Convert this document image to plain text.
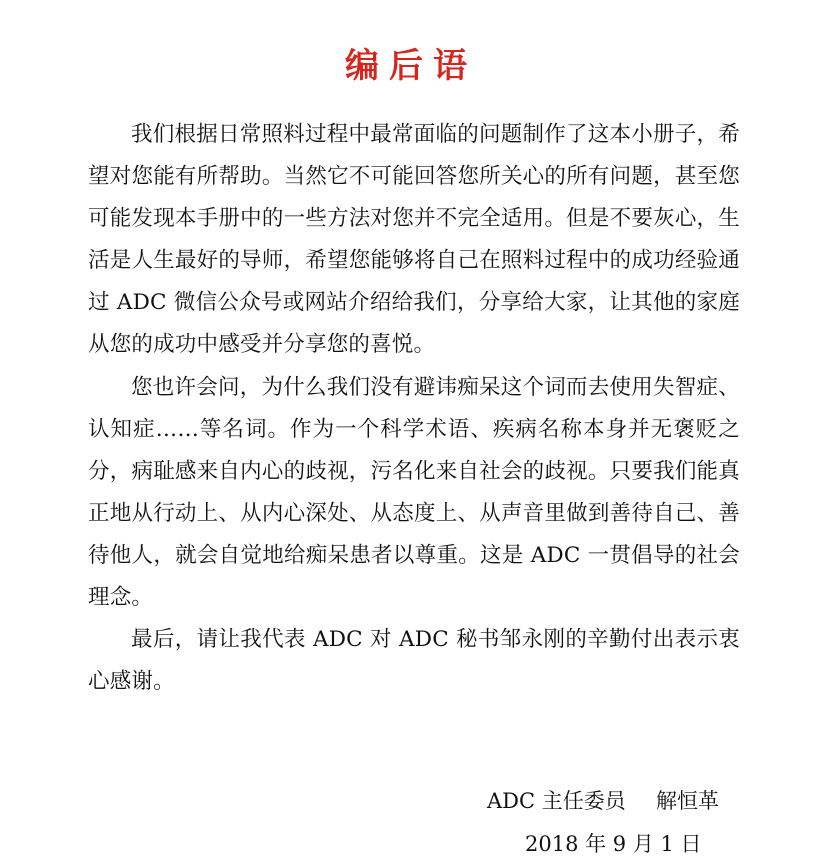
编后语

我们根据日常照料过程中最常面临的问题制作了这本小册子，希望对您能有所帮助。当然它不可能回答您所关心的所有问题，甚至您可能发现本手册中的一些方法对您并不完全适用。但是不要灰心，生活是人生最好的导师，希望您能够将自己在照料过程中的成功经验通过 ADC 微信公众号或网站介绍给我们，分享给大家，让其他的家庭从您的成功中感受并分享您的喜悦。

您也许会问，为什么我们没有避讳痴呆这个词而去使用失智症、认知症……等名词。作为一个科学术语、疾病名称本身并无褒贬之分，病耻感来自内心的歧视，污名化来自社会的歧视。只要我们能真正地从行动上、从内心深处、从态度上、从声音里做到善待自己、善待他人，就会自觉地给痴呆患者以尊重。这是 ADC 一贯倡导的社会理念。

最后，请让我代表 ADC 对 ADC 秘书邹永刚的辛勤付出表示衷心感谢。

ADC 主任委员 解恒革
2018 年 9 月 1 日
